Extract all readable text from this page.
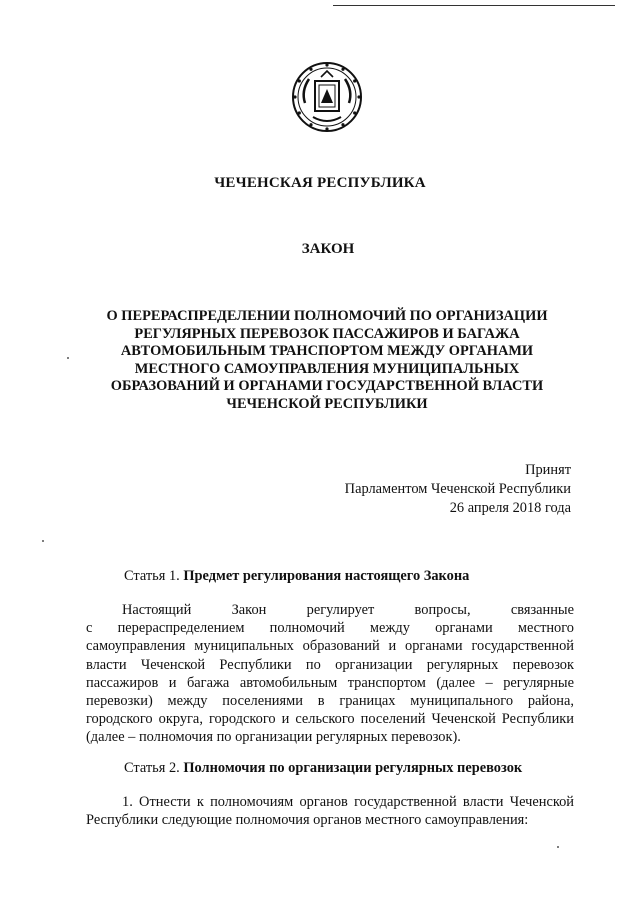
ЧЕЧЕНСКАЯ РЕСПУБЛИКА
ЗАКОН
О ПЕРЕРАСПРЕДЕЛЕНИИ ПОЛНОМОЧИЙ ПО ОРГАНИЗАЦИИ
РЕГУЛЯРНЫХ ПЕРЕВОЗОК ПАССАЖИРОВ И БАГАЖА
АВТОМОБИЛЬНЫМ ТРАНСПОРТОМ МЕЖДУ ОРГАНАМИ
МЕСТНОГО САМОУПРАВЛЕНИЯ МУНИЦИПАЛЬНЫХ
ОБРАЗОВАНИЙ И ОРГАНАМИ ГОСУДАРСТВЕННОЙ ВЛАСТИ
ЧЕЧЕНСКОЙ РЕСПУБЛИКИ
Принят
Парламентом Чеченской Республики
26 апреля 2018 года
Статья 1. Предмет регулирования настоящего Закона
Настоящий Закон регулирует вопросы, связанные
с перераспределением полномочий между органами местного
самоуправления муниципальных образований и органами государственной
власти Чеченской Республики по организации регулярных перевозок
пассажиров и багажа автомобильным транспортом (далее – регулярные
перевозки) между поселениями в границах муниципального района,
городского округа, городского и сельского поселений Чеченской Республики
(далее – полномочия по организации регулярных перевозок).
Статья 2. Полномочия по организации регулярных перевозок
1. Отнести к полномочиям органов государственной власти Чеченской
Республики следующие полномочия органов местного самоуправления:
